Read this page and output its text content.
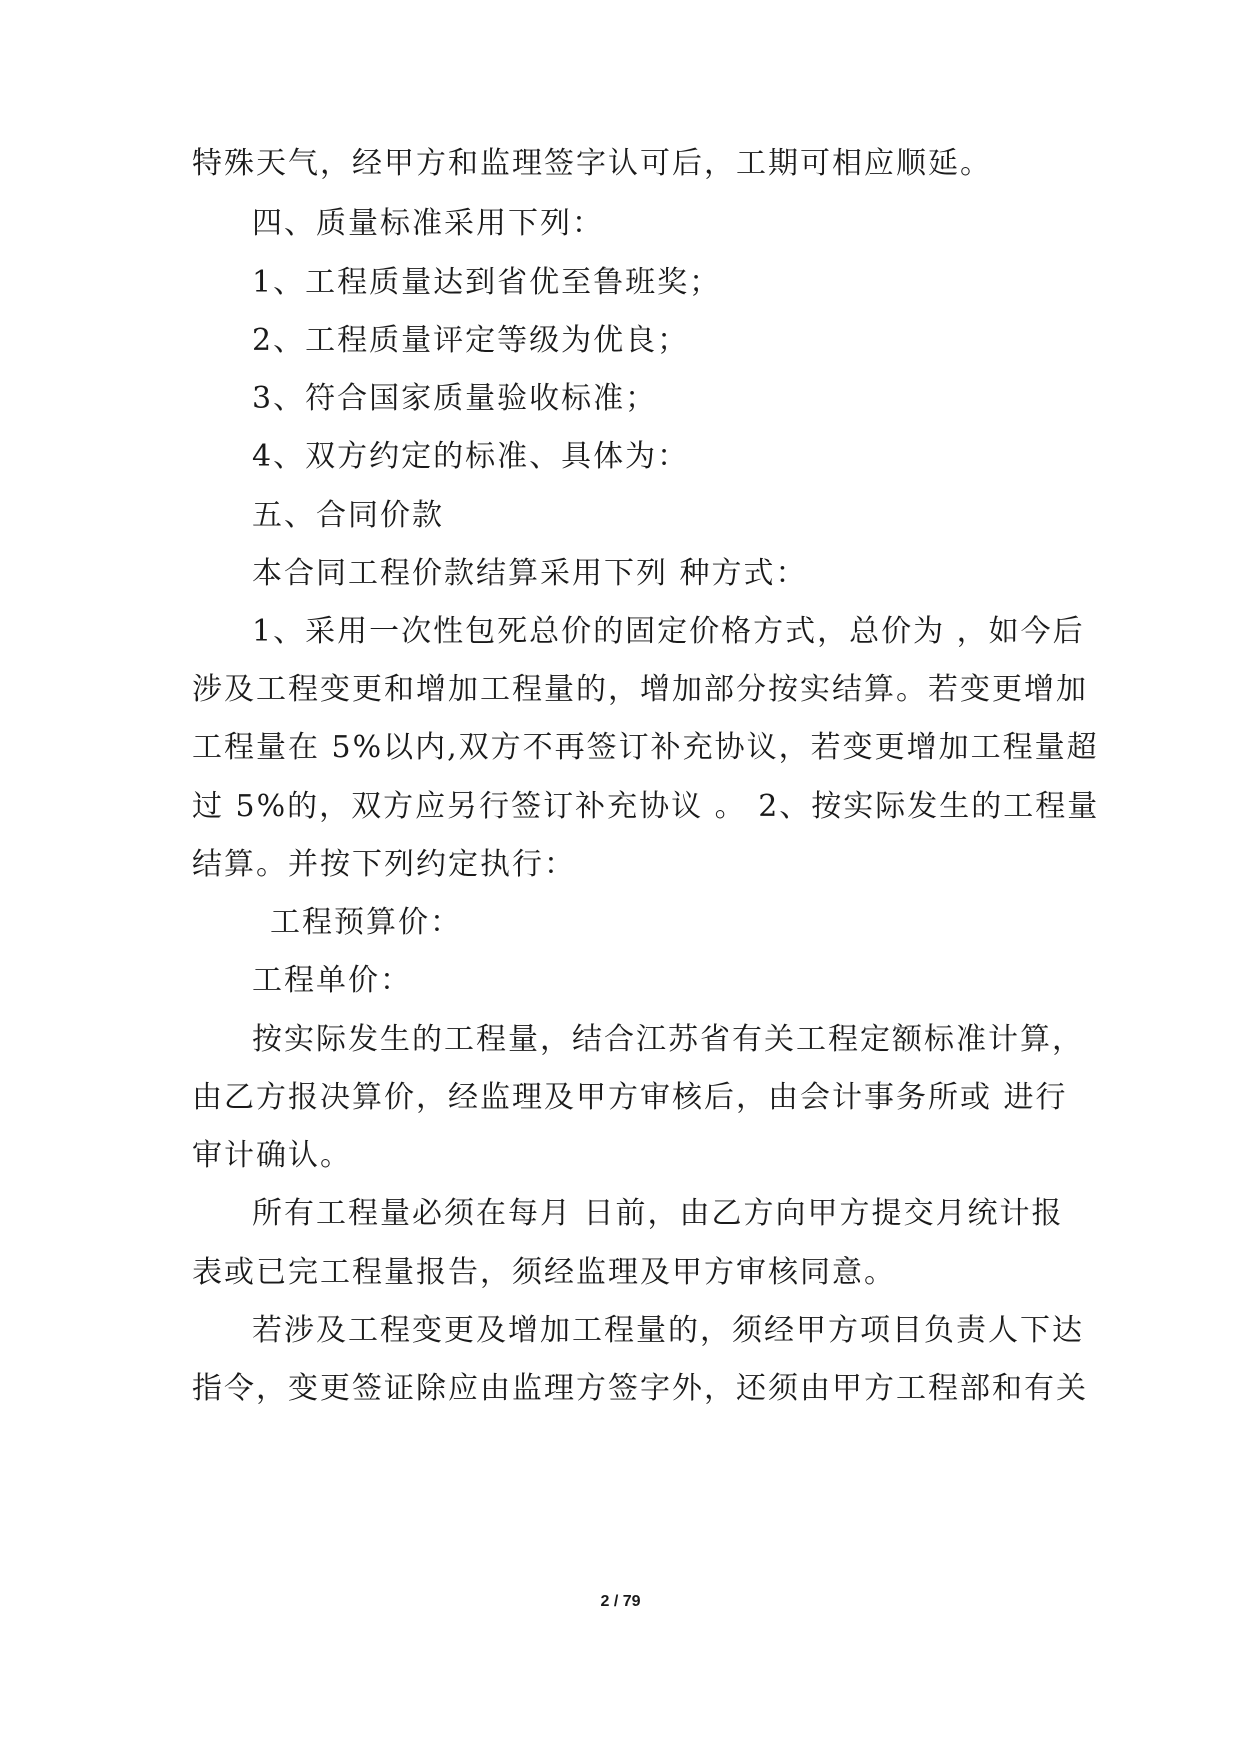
特殊天气，经甲方和监理签字认可后，工期可相应顺延。
四、质量标准采用下列：
1、工程质量达到省优至鲁班奖；
2、工程质量评定等级为优良；
3、符合国家质量验收标准；
4、双方约定的标准、具体为：
五、合同价款
本合同工程价款结算采用下列 种方式：
1、采用一次性包死总价的固定价格方式，总价为 ，如今后
涉及工程变更和增加工程量的，增加部分按实结算。若变更增加
工程量在 5%以内,双方不再签订补充协议，若变更增加工程量超
过 5%的，双方应另行签订补充协议 。 2、按实际发生的工程量
结算。并按下列约定执行：
工程预算价：
工程单价：
按实际发生的工程量，结合江苏省有关工程定额标准计算，
由乙方报决算价，经监理及甲方审核后，由会计事务所或 进行
审计确认。
所有工程量必须在每月 日前，由乙方向甲方提交月统计报
表或已完工程量报告，须经监理及甲方审核同意。
若涉及工程变更及增加工程量的，须经甲方项目负责人下达
指令，变更签证除应由监理方签字外，还须由甲方工程部和有关
2 / 79
